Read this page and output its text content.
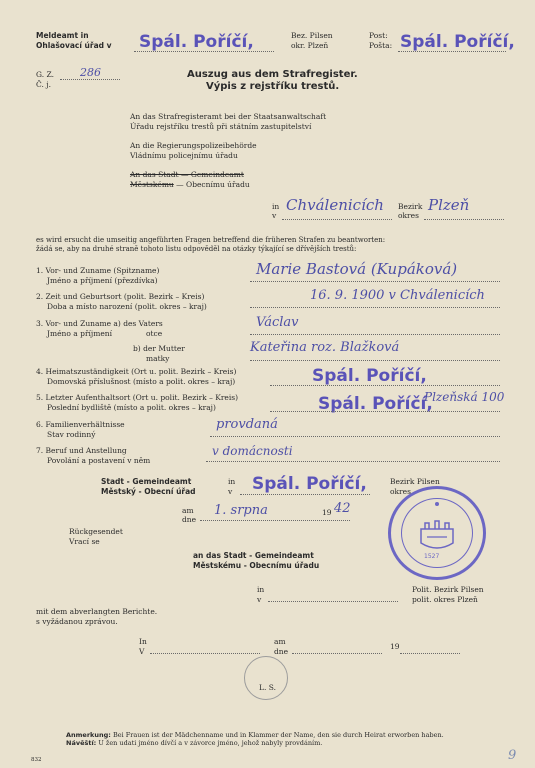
Meldeamt in
Ohlašovací úřad v Spál. Poříčí,	Bez. Pilsen
okr. Plzeň
Post:
Pošta: Spál. Poříčí,
G. Z.
Č. j.
286	Auszug aus dem Strafregister.
Výpis z rejstříku trestů.
An das Strafregisteramt bei der Staatsanwaltschaft
Úřadu rejstříku trestů při státním zastupitelství
An die Regierungspolizeibehörde
Vládnímu policejnímu úřadu
An das Stadt — Gemeindeamt
Městskému — Obecnímu úřadu
in
v
Chválenicích Bezirk
okres
Plzeň
es wird ersucht die umseitig angeführten Fragen betreffend die früheren Strafen zu beantworten:
žádá se, aby na druhé straně tohoto listu odpověděl na otázky týkající se dřívějších trestů:
1. Vor- und Zuname (Spitzname)
Jméno a příjmení (přezdívka)
Marie Bastová (Kupáková)
2. Zeit und Geburtsort (polit. Bezirk – Kreis)
Doba a místo narození (polit. okres – kraj)
16. 9. 1900 v Chválenicích
3. Vor- und Zuname a) des Vaters
Jméno a příjmení	otce
Václav
b) der Mutter
matky
Kateřina roz. Blažková
4. Heimatszuständigkeit (Ort u. polit. Bezirk – Kreis)
Domovská příslušnost (místo a polit. okres – kraj)	Spál. Poříčí,
5. Letzter Aufenthaltsort (Ort u. polit. Bezirk – Kreis)
Poslední bydliště (místo a polit. okres – kraj)	Spál. Poříčí,
Plzeňská 100
6. Familienverhältnisse
Stav rodinný
provdaná
7. Beruf und Anstellung
Povolání a postavení v něm
v domácnosti
Stadt - Gemeindeamt
Městský - Obecní úřad
in
v Spál. Poříčí,	Bezirk Pilsen
okres
am
dne
1. srpna	19 42
1527
Rückgesendet
Vrací se
an das Stadt - Gemeindeamt
Městskému - Obecnímu úřadu
in
v
Polit. Bezirk Pilsen
polit. okres Plzeň
mit dem abverlangten Berichte.
s vyžádanou zprávou.
In
V
am
dne
19
L. S.
Anmerkung: Bei Frauen ist der Mädchenname und in Klammer der Name, den sie durch Heirat erworben haben.
Návěští: U žen udati jméno dívčí a v závorce jméno, jehož nabyly provdáním.
832	9
